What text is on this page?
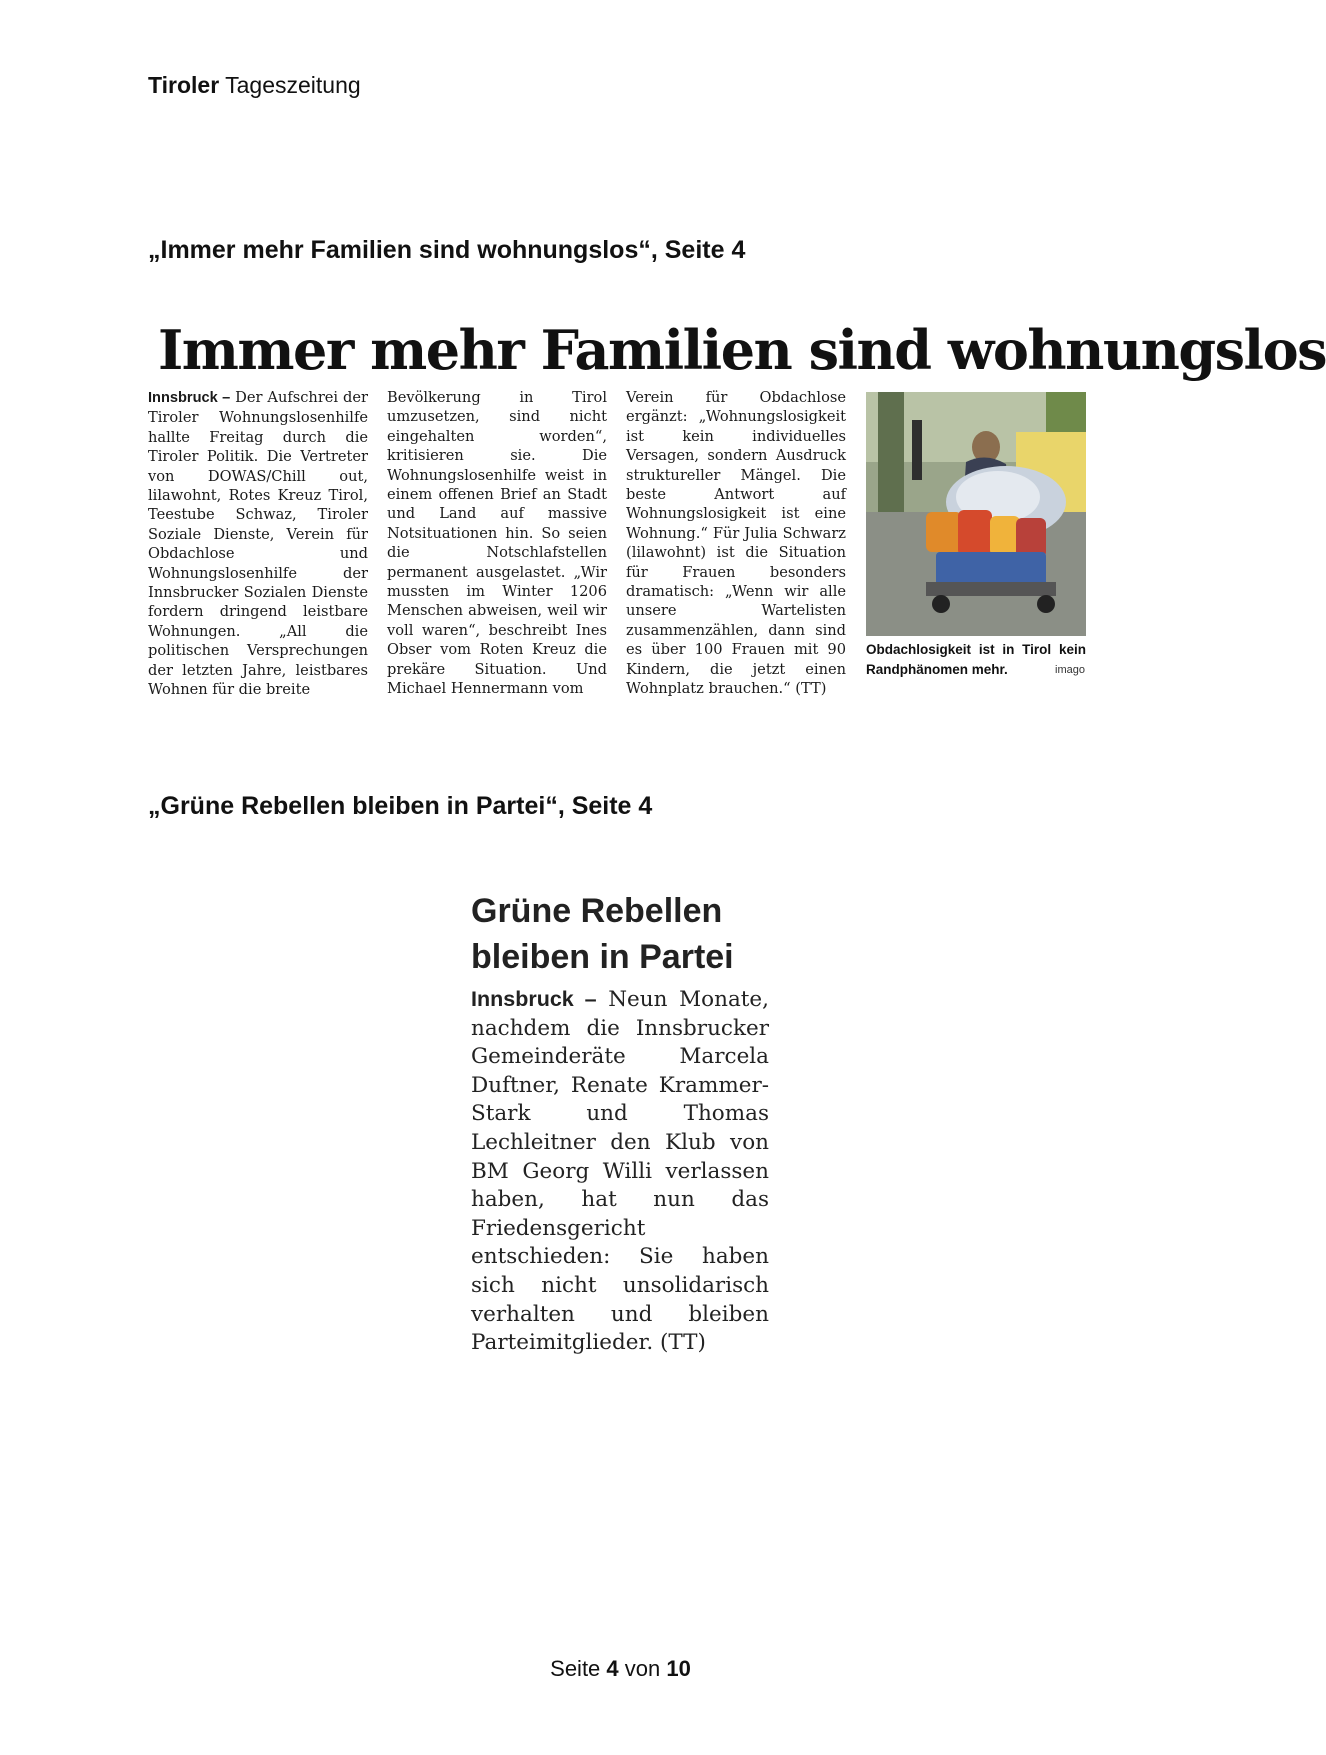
Tiroler Tageszeitung
„Immer mehr Familien sind wohnungslos“, Seite 4
Immer mehr Familien sind wohnungslos

Innsbruck – Der Aufschrei der Tiroler Wohnungslosenhilfe hallte Freitag durch die Tiroler Politik. Die Vertreter von DOWAS/Chill out, lilawohnt, Rotes Kreuz Tirol, Teestube Schwaz, Tiroler Soziale Dienste, Verein für Obdachlose und Wohnungslosenhilfe der Innsbrucker Sozialen Dienste fordern dringend leistbare Wohnungen. „All die politischen Versprechungen der letzten Jahre, leistbares Wohnen für die breite

Bevölkerung in Tirol umzusetzen, sind nicht eingehalten worden“, kritisieren sie. Die Wohnungslosenhilfe weist in einem offenen Brief an Stadt und Land auf massive Notsituationen hin. So seien die Notschlafstellen permanent ausgelastet. „Wir mussten im Winter 1206 Menschen abweisen, weil wir voll waren“, beschreibt Ines Obser vom Roten Kreuz die prekäre Situation. Und Michael Hennermann vom

Verein für Obdachlose ergänzt: „Wohnungslosigkeit ist kein individuelles Versagen, sondern Ausdruck struktureller Mängel. Die beste Antwort auf Wohnungslosigkeit ist eine Wohnung.“ Für Julia Schwarz (lilawohnt) ist die Situation für Frauen besonders dramatisch: „Wenn wir alle unsere Wartelisten zusammenzählen, dann sind es über 100 Frauen mit 90 Kindern, die jetzt einen Wohnplatz brauchen.“ (TT)

Obdachlosigkeit ist in Tirol kein Randphänomen mehr.	imago
„Grüne Rebellen bleiben in Partei“, Seite 4
Grüne Rebellen bleiben in Partei

Innsbruck – Neun Monate, nachdem die Innsbrucker Gemeinderäte Marcela Duftner, Renate Krammer-Stark und Thomas Lechleitner den Klub von BM Georg Willi verlassen haben, hat nun das Friedensgericht entschieden: Sie haben sich nicht unsolidarisch verhalten und bleiben Parteimitglieder. (TT)

Seite 4 von 10
